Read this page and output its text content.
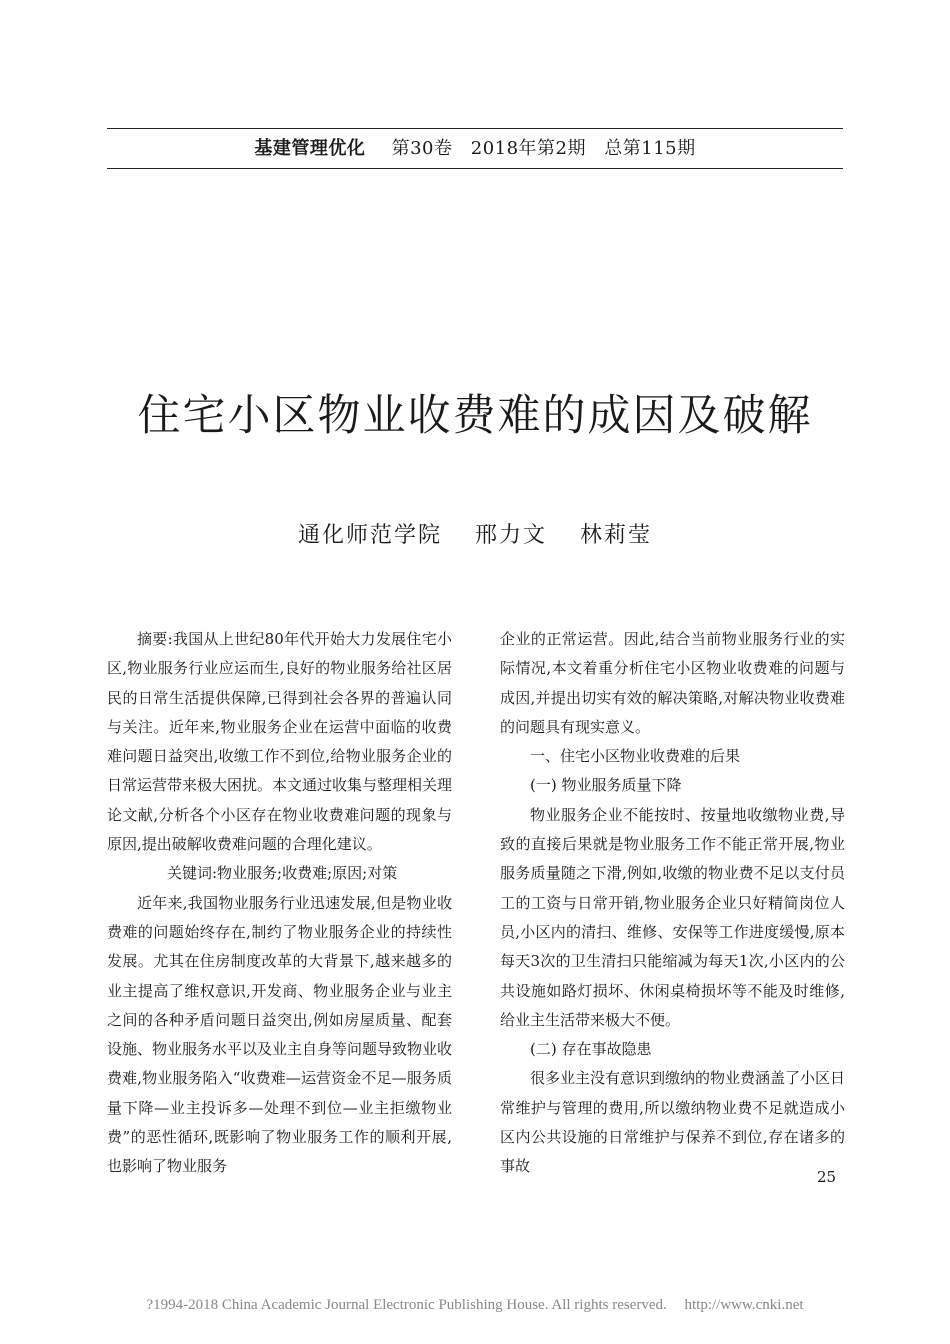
基建管理优化 第30卷 2018年第2期 总第115期
住宅小区物业收费难的成因及破解
通化师范学院 邢力文 林莉莹

摘要:我国从上世纪80年代开始大力发展住宅小区,物业服务行业应运而生,良好的物业服务给社区居民的日常生活提供保障,已得到社会各界的普遍认同与关注。近年来,物业服务企业在运营中面临的收费难问题日益突出,收缴工作不到位,给物业服务企业的日常运营带来极大困扰。本文通过收集与整理相关理论文献,分析各个小区存在物业收费难问题的现象与原因,提出破解收费难问题的合理化建议。

关键词:物业服务;收费难;原因;对策

近年来,我国物业服务行业迅速发展,但是物业收费难的问题始终存在,制约了物业服务企业的持续性发展。尤其在住房制度改革的大背景下,越来越多的业主提高了维权意识,开发商、物业服务企业与业主之间的各种矛盾问题日益突出,例如房屋质量、配套设施、物业服务水平以及业主自身等问题导致物业收费难,物业服务陷入“收费难—运营资金不足—服务质量下降—业主投诉多—处理不到位—业主拒缴物业费”的恶性循环,既影响了物业服务工作的顺利开展,也影响了物业服务

企业的正常运营。因此,结合当前物业服务行业的实际情况,本文着重分析住宅小区物业收费难的问题与成因,并提出切实有效的解决策略,对解决物业收费难的问题具有现实意义。

一、住宅小区物业收费难的后果

(一) 物业服务质量下降

物业服务企业不能按时、按量地收缴物业费,导致的直接后果就是物业服务工作不能正常开展,物业服务质量随之下滑,例如,收缴的物业费不足以支付员工的工资与日常开销,物业服务企业只好精简岗位人员,小区内的清扫、维修、安保等工作进度缓慢,原本每天3次的卫生清扫只能缩减为每天1次,小区内的公共设施如路灯损坏、休闲桌椅损坏等不能及时维修,给业主生活带来极大不便。

(二) 存在事故隐患

很多业主没有意识到缴纳的物业费涵盖了小区日常维护与管理的费用,所以缴纳物业费不足就造成小区内公共设施的日常维护与保养不到位,存在诸多的事故

25
?1994-2018 China Academic Journal Electronic Publishing House. All rights reserved. http://www.cnki.net
